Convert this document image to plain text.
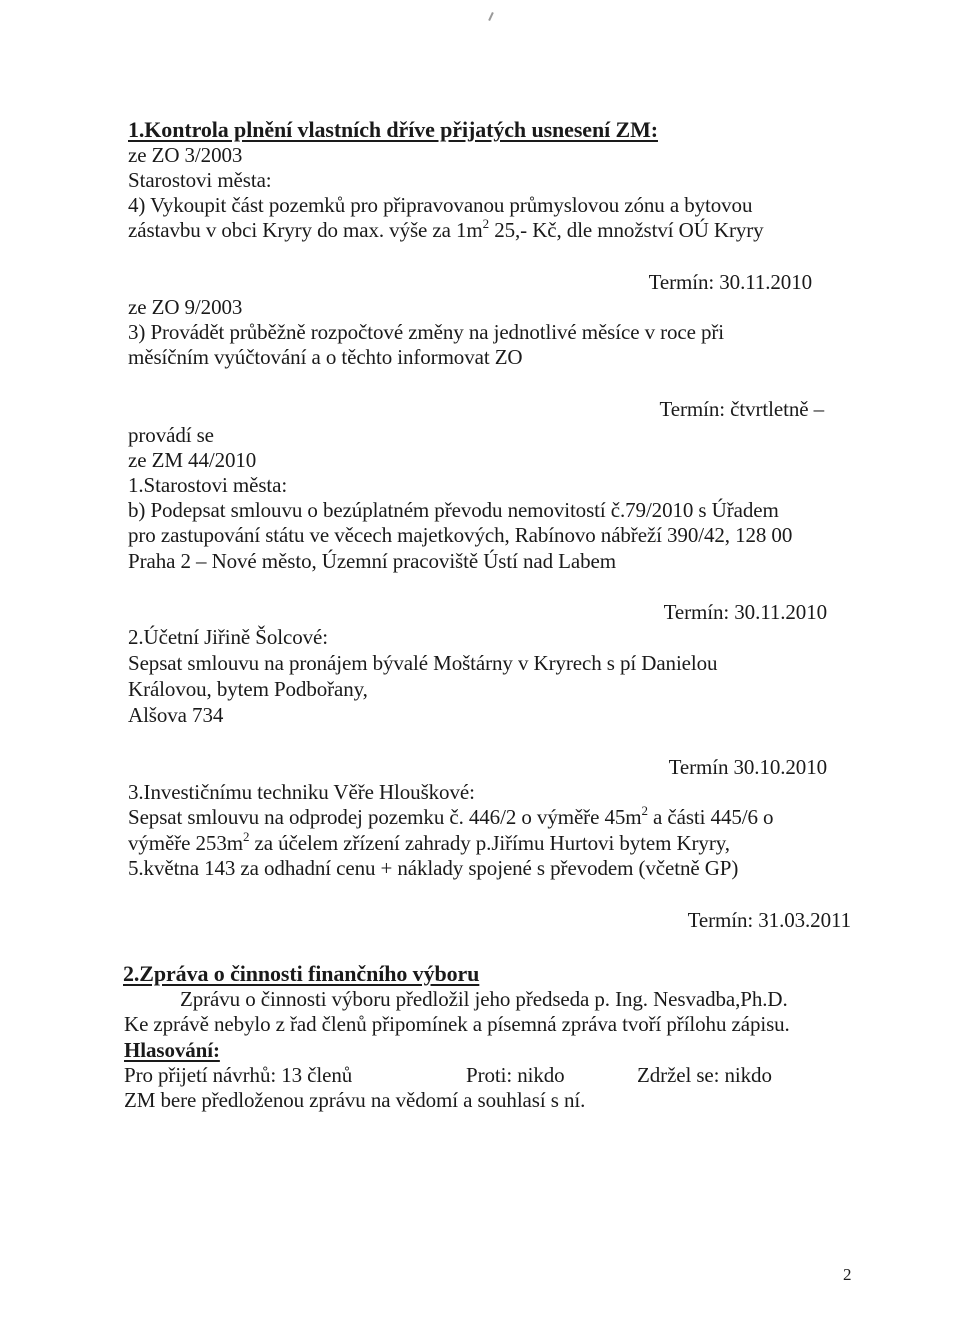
1.Kontrola plnění vlastních dříve přijatých usnesení ZM:
ze ZO 3/2003
Starostovi města:
4) Vykoupit část pozemků pro připravovanou průmyslovou zónu a bytovou
zástavbu v obci Kryry do max. výše za $1m^2$ 25,- Kč, dle množství OÚ Kryry
Termín: 30.11.2010
ze ZO 9/2003
3) Provádět průběžně rozpočtové změny na jednotlivé měsíce v roce při
měsíčním vyúčtování a o těchto informovat ZO
Termín: čtvrtletně –
provádí se
ze ZM 44/2010
1.Starostovi města:
b) Podepsat smlouvu o bezúplatném převodu nemovitostí č.79/2010 s Úřadem
pro zastupování státu ve věcech majetkových, Rabínovo nábřeží 390/42, 128 00
Praha 2 – Nové město, Územní pracoviště Ústí nad Labem
Termín: 30.11.2010
2.Účetní Jiřině Šolcové:
Sepsat smlouvu na pronájem bývalé Moštárny v Kryrech s pí Danielou
Královou, bytem Podbořany,
Alšova 734
Termín 30.10.2010
3.Investičnímu techniku Věře Hlouškové:
Sepsat smlouvu na odprodej pozemku č. 446/2 o výměře $45m^2$ a části 445/6 o
výměře $253m^2$ za účelem zřízení zahrady p.Jiřímu Hurtovi bytem Kryry,
5.května 143 za odhadní cenu + náklady spojené s převodem (včetně GP)
Termín: 31.03.2011
2.Zpráva o činnosti finančního výboru
Zprávu o činnosti výboru předložil jeho předseda p. Ing. Nesvadba,Ph.D.
Ke zprávě nebylo z řad členů připomínek a písemná zpráva tvoří přílohu zápisu.
Hlasování:
Pro přijetí návrhů: 13 členů	Proti: nikdo	Zdržel se: nikdo
ZM bere předloženou zprávu na vědomí a souhlasí s ní.
2
